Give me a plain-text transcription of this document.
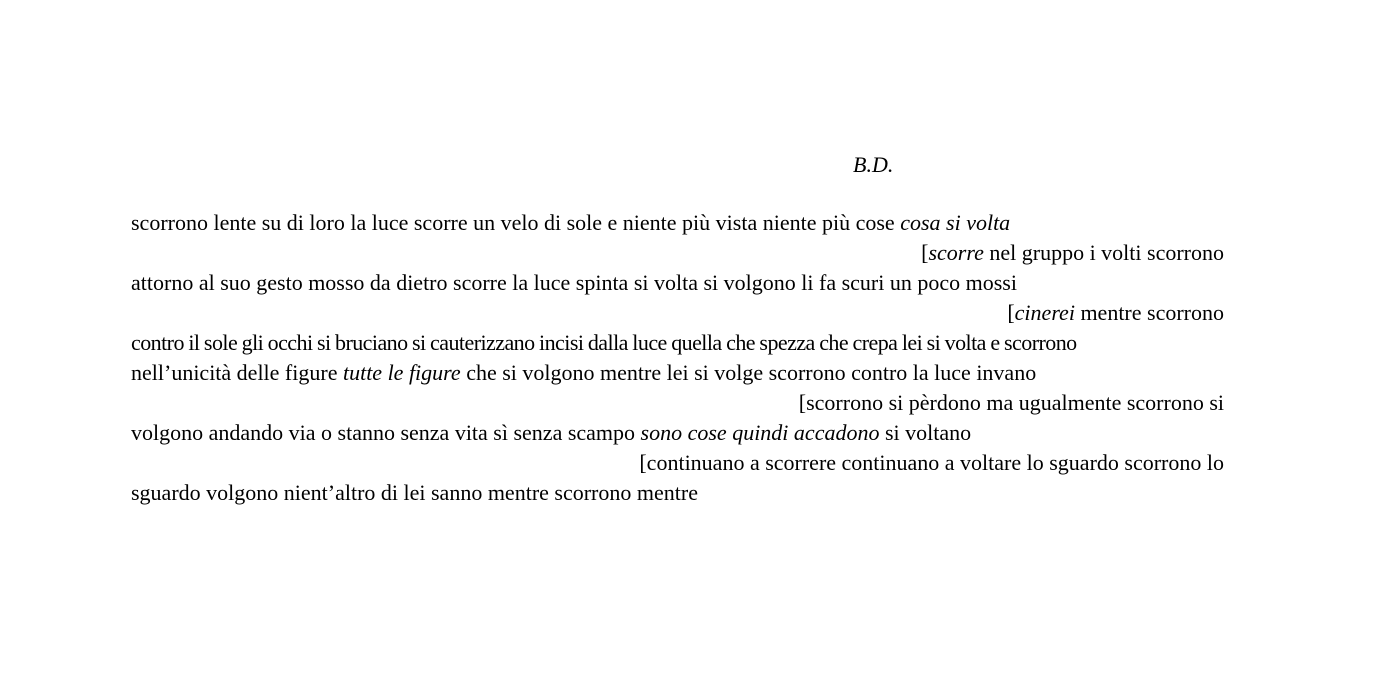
B.D.
scorrono lente su di loro la luce scorre un velo di sole e niente più vista niente più cose cosa si volta
[scorre nel gruppo i volti scorrono
attorno al suo gesto mosso da dietro scorre la luce spinta si volta si volgono li fa scuri un poco mossi
[cinerei mentre scorrono
contro il sole gli occhi si bruciano si cauterizzano incisi dalla luce quella che spezza che crepa lei si volta e scorrono
nell’unicità delle figure tutte le figure che si volgono mentre lei si volge scorrono contro la luce invano
[scorrono si pèrdono ma ugualmente scorrono si
volgono andando via o stanno senza vita sì senza scampo sono cose quindi accadono si voltano
[continuano a scorrere continuano a voltare lo sguardo scorrono lo
sguardo volgono nient’altro di lei sanno mentre scorrono mentre
